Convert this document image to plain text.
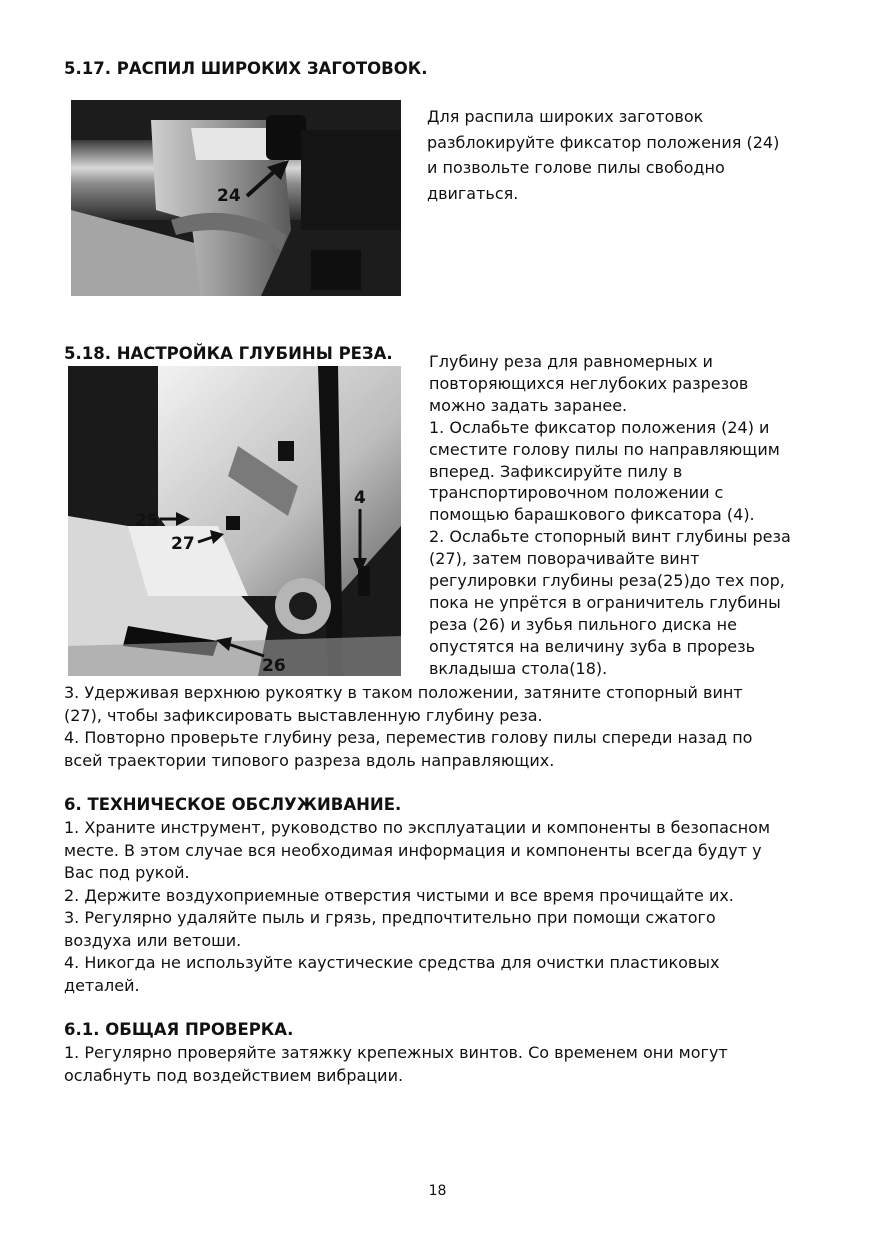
5.17. РАСПИЛ ШИРОКИХ ЗАГОТОВОК.
24
Для распила широких заготовок
разблокируйте фиксатор положения (24)
и позвольте голове пилы свободно
двигаться.
5.18. НАСТРОЙКА ГЛУБИНЫ РЕЗА.
4
25
27
26
Глубину реза для равномерных и
повторяющихся неглубоких разрезов
можно задать заранее.
1. Ослабьте фиксатор положения (24) и
сместите голову пилы по направляющим
вперед. Зафиксируйте пилу в
транспортировочном положении с
помощью барашкового фиксатора (4).
2. Ослабьте стопорный винт глубины реза
(27), затем поворачивайте винт
регулировки глубины реза(25)до тех пор,
пока не упрётся в ограничитель глубины
реза (26) и зубья пильного диска не
опустятся на величину зуба в прорезь
вкладыша стола(18).
3. Удерживая верхнюю рукоятку в таком положении, затяните стопорный винт
(27), чтобы зафиксировать выставленную глубину реза.
4. Повторно проверьте глубину реза, переместив голову пилы спереди назад по
всей траектории типового разреза вдоль направляющих.
6. ТЕХНИЧЕСКОЕ ОБСЛУЖИВАНИЕ.
1. Храните инструмент, руководство по эксплуатации и компоненты в безопасном
месте. В этом случае вся необходимая информация и компоненты всегда будут у
Вас под рукой.
2. Держите воздухоприемные отверстия чистыми и все время прочищайте их.
3. Регулярно удаляйте пыль и грязь, предпочтительно при помощи сжатого
воздуха или ветоши.
4. Никогда не используйте каустические средства для очистки пластиковых
деталей.
6.1. ОБЩАЯ ПРОВЕРКА.
1. Регулярно проверяйте затяжку крепежных винтов. Со временем они могут
ослабнуть под воздействием вибрации.
18
